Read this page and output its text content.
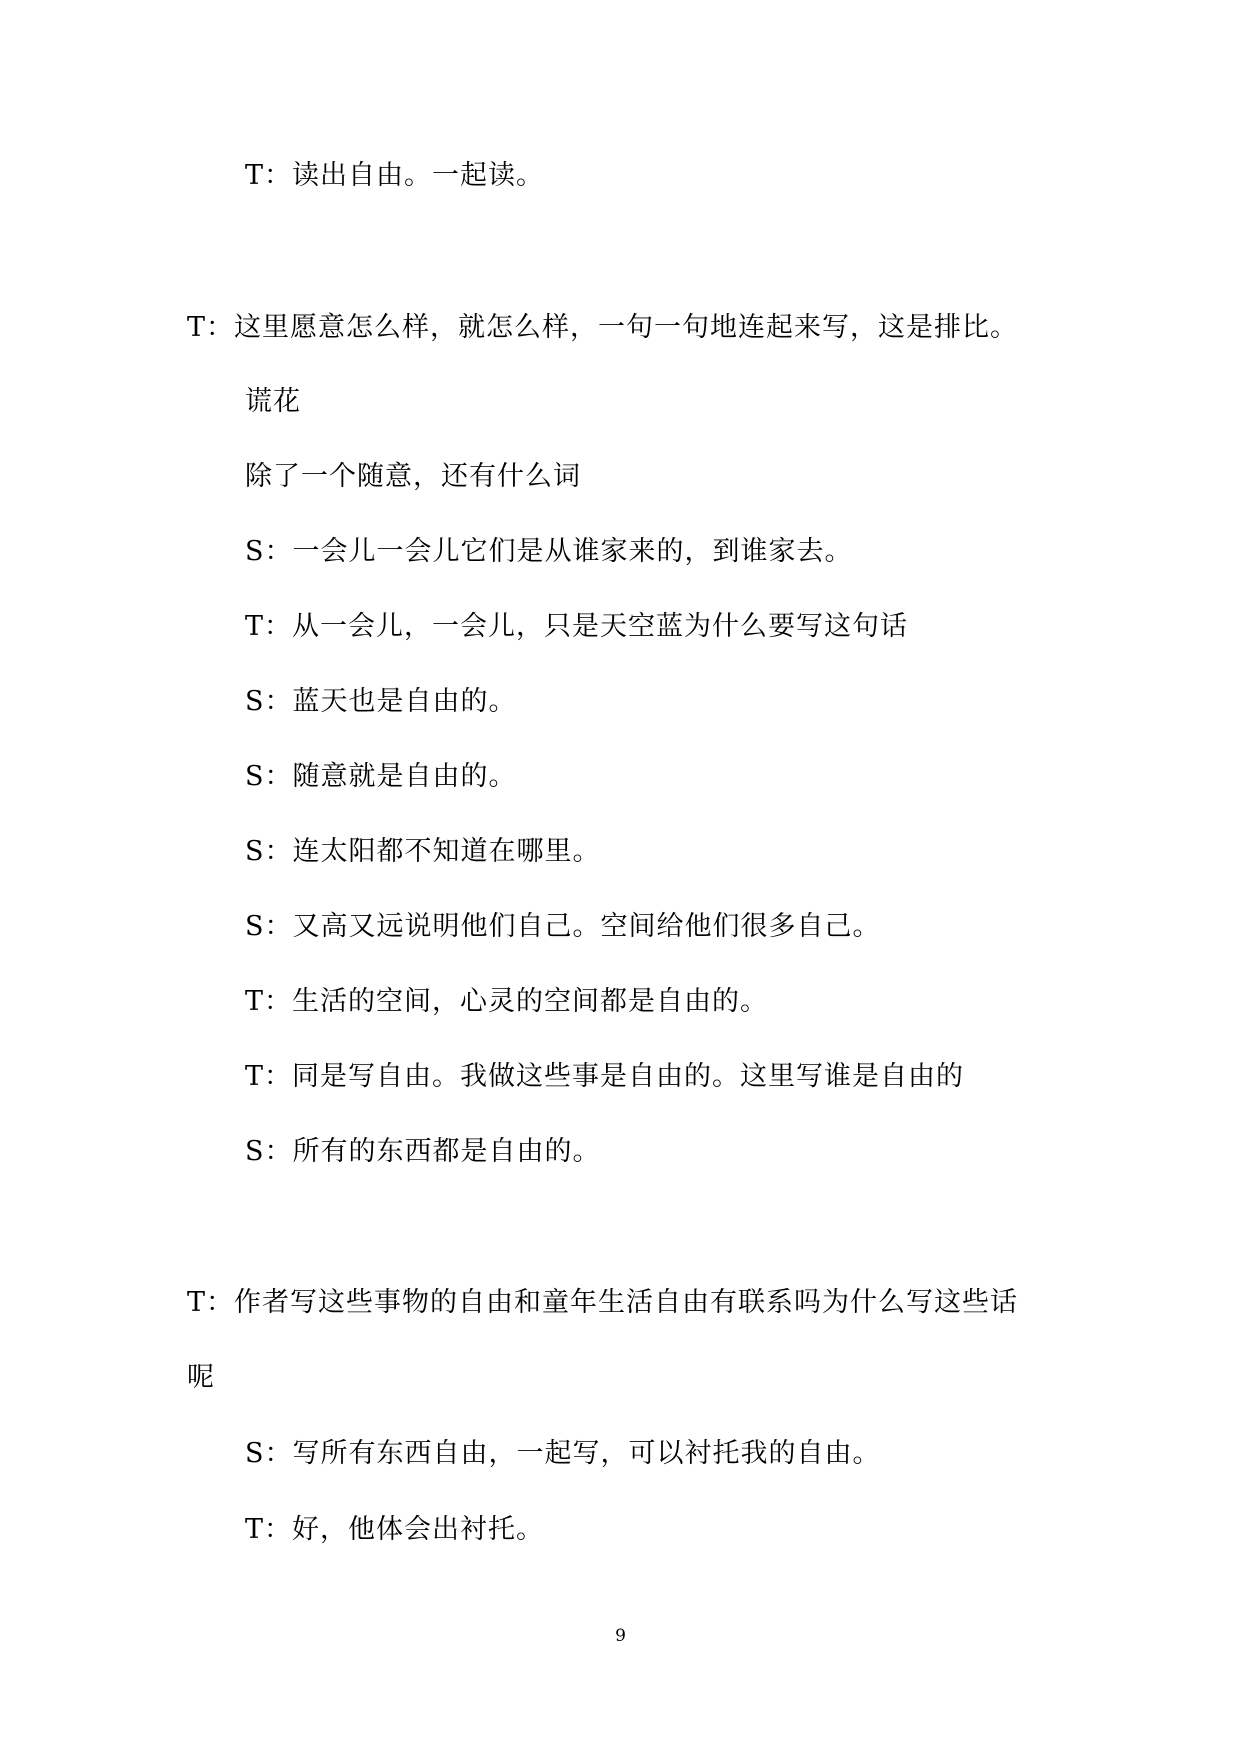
T：读出自由。一起读。
T：这里愿意怎么样，就怎么样，一句一句地连起来写，这是排比。
谎花
除了一个随意，还有什么词
S：一会儿一会儿它们是从谁家来的，到谁家去。
T：从一会儿，一会儿，只是天空蓝为什么要写这句话
S：蓝天也是自由的。
S：随意就是自由的。
S：连太阳都不知道在哪里。
S：又高又远说明他们自己。空间给他们很多自己。
T：生活的空间，心灵的空间都是自由的。
T：同是写自由。我做这些事是自由的。这里写谁是自由的
S：所有的东西都是自由的。
T：作者写这些事物的自由和童年生活自由有联系吗为什么写这些话
呢
S：写所有东西自由，一起写，可以衬托我的自由。
T：好，他体会出衬托。
9
